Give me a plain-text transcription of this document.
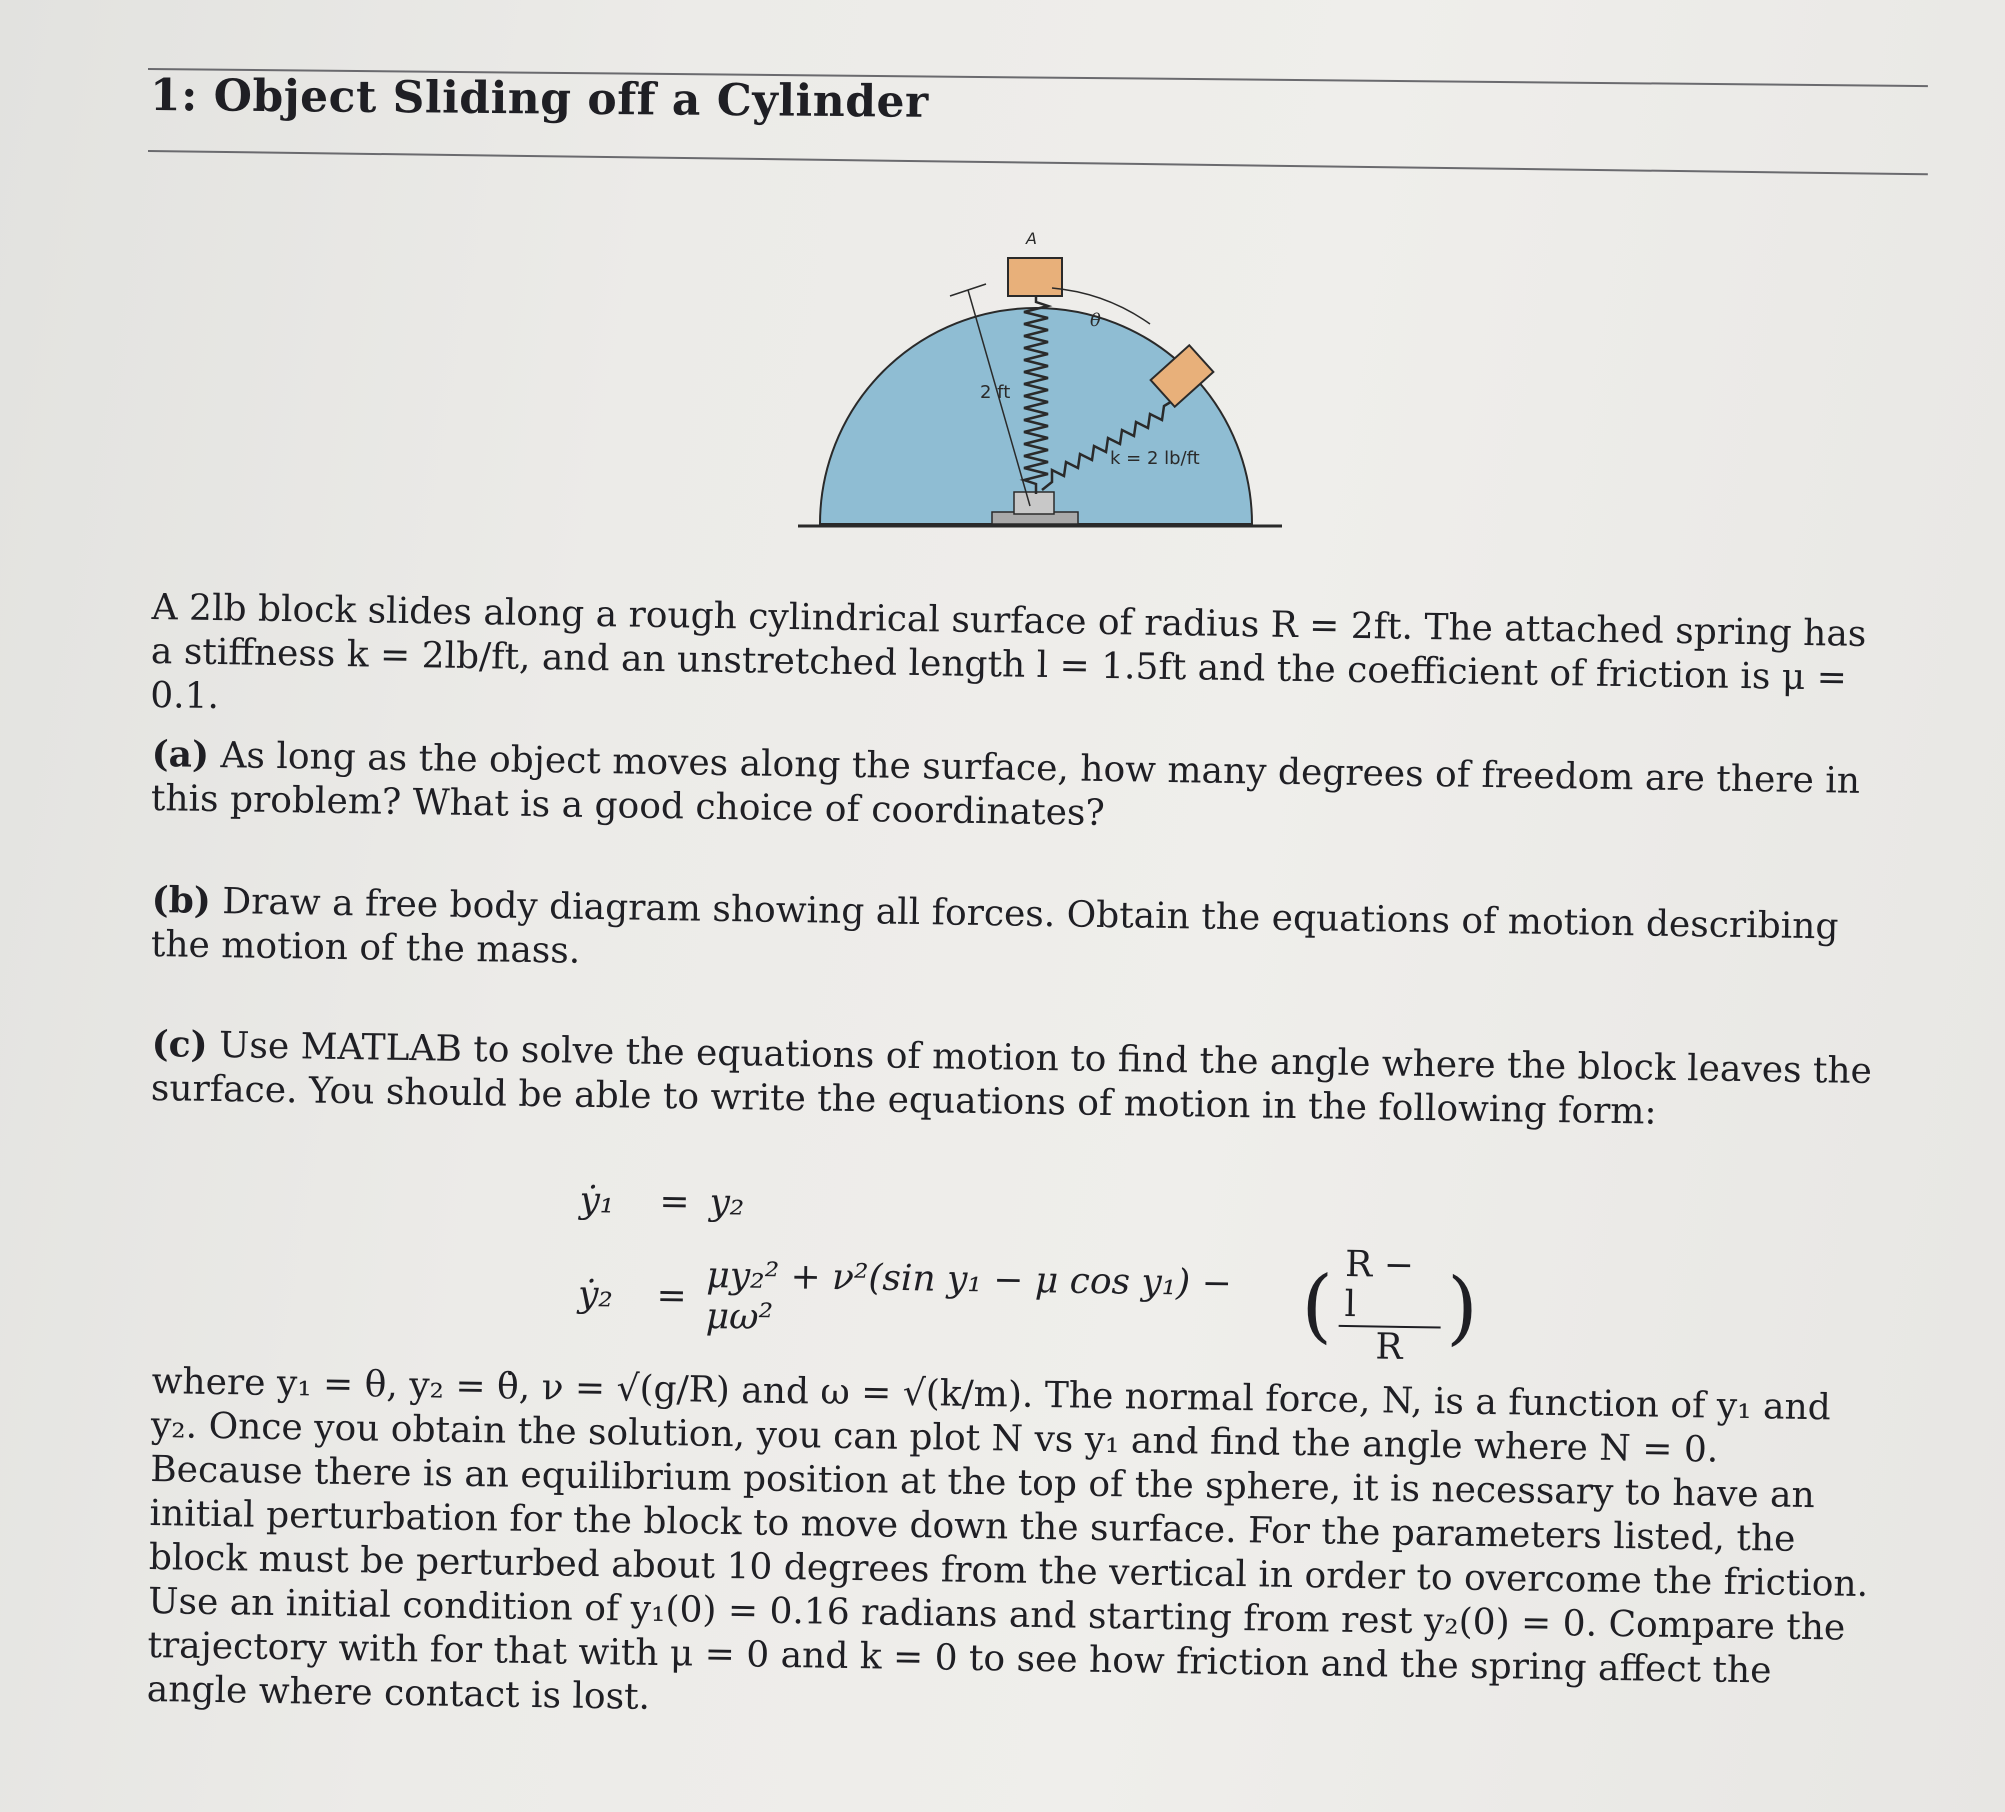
1: Object Sliding off a Cylinder
A
θ
2 ft
k = 2 lb/ft

A 2lb block slides along a rough cylindrical surface of radius R = 2ft. The attached spring has a stiffness k = 2lb/ft, and an unstretched length l = 1.5ft and the coefficient of friction is μ = 0.1.

(a) As long as the object moves along the surface, how many degrees of freedom are there in this problem? What is a good choice of coordinates?

(b) Draw a free body diagram showing all forces. Obtain the equations of motion describing the motion of the mass.

(c) Use MATLAB to solve the equations of motion to find the angle where the block leaves the surface. You should be able to write the equations of motion in the following form:

ẏ₁	= y₂
ẏ₂	= μy₂² + ν²(sin y₁ − μ cos y₁) − μω²	( $\frac{R - l}{R}$ )

where y₁ = θ, y₂ = θ̇, ν = √(g/R) and ω = √(k/m). The normal force, N, is a function of y₁ and y₂. Once you obtain the solution, you can plot N vs y₁ and find the angle where N = 0. Because there is an equilibrium position at the top of the sphere, it is necessary to have an initial perturbation for the block to move down the surface. For the parameters listed, the block must be perturbed about 10 degrees from the vertical in order to overcome the friction. Use an initial condition of y₁(0) = 0.16 radians and starting from rest y₂(0) = 0. Compare the trajectory with for that with μ = 0 and k = 0 to see how friction and the spring affect the angle where contact is lost.
